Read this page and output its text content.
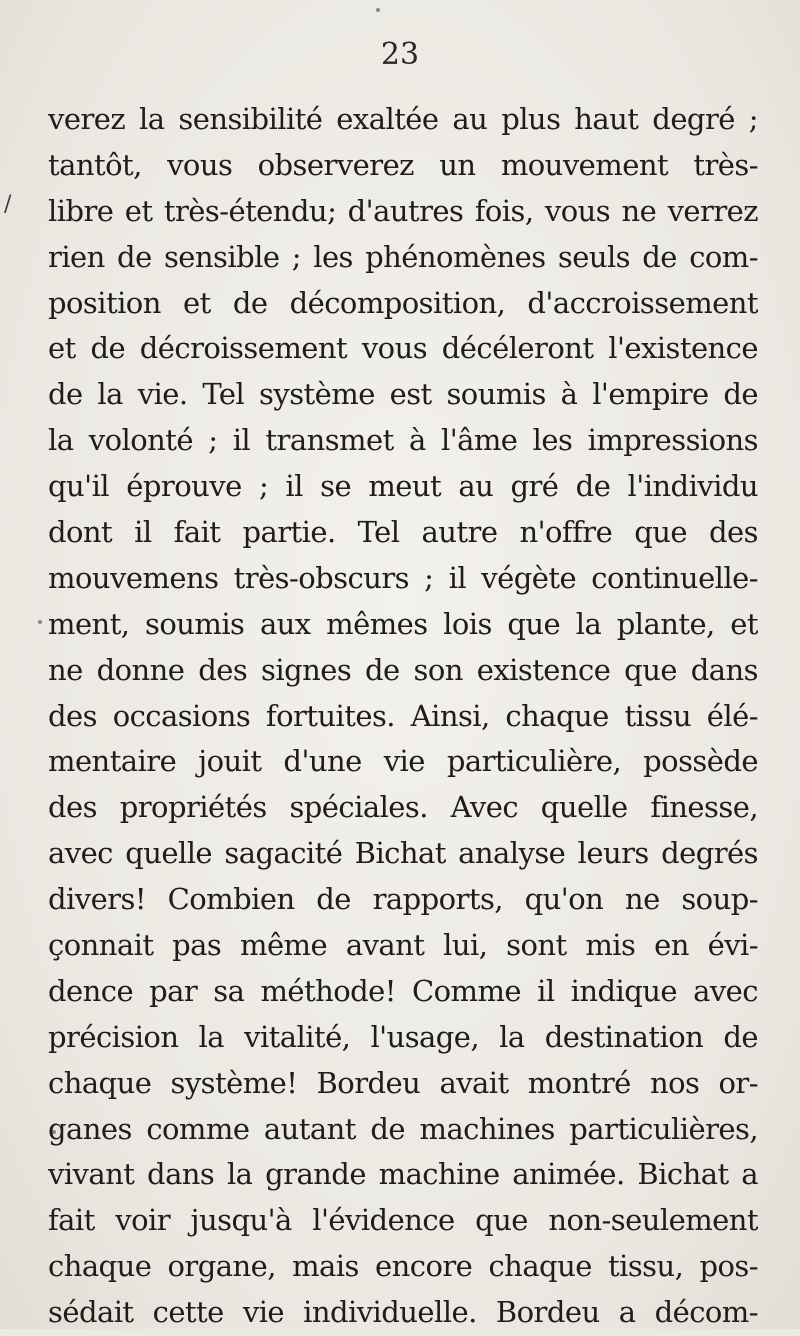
23
/
verez la sensibilité exaltée au plus haut degré ;
tantôt, vous observerez un mouvement très-
libre et très-étendu; d'autres fois, vous ne verrez
rien de sensible ; les phénomènes seuls de com-
position et de décomposition, d'accroissement
et de décroissement vous décéleront l'existence
de la vie. Tel système est soumis à l'empire de
la volonté ; il transmet à l'âme les impressions
qu'il éprouve ; il se meut au gré de l'individu
dont il fait partie. Tel autre n'offre que des
mouvemens très-obscurs ; il végète continuelle-
ment, soumis aux mêmes lois que la plante, et
ne donne des signes de son existence que dans
des occasions fortuites. Ainsi, chaque tissu élé-
mentaire jouit d'une vie particulière, possède
des propriétés spéciales. Avec quelle finesse,
avec quelle sagacité Bichat analyse leurs degrés
divers! Combien de rapports, qu'on ne soup-
çonnait pas même avant lui, sont mis en évi-
dence par sa méthode! Comme il indique avec
précision la vitalité, l'usage, la destination de
chaque système! Bordeu avait montré nos or-
ganes comme autant de machines particulières,
vivant dans la grande machine animée. Bichat a
fait voir jusqu'à l'évidence que non-seulement
chaque organe, mais encore chaque tissu, pos-
sédait cette vie individuelle. Bordeu a décom-
